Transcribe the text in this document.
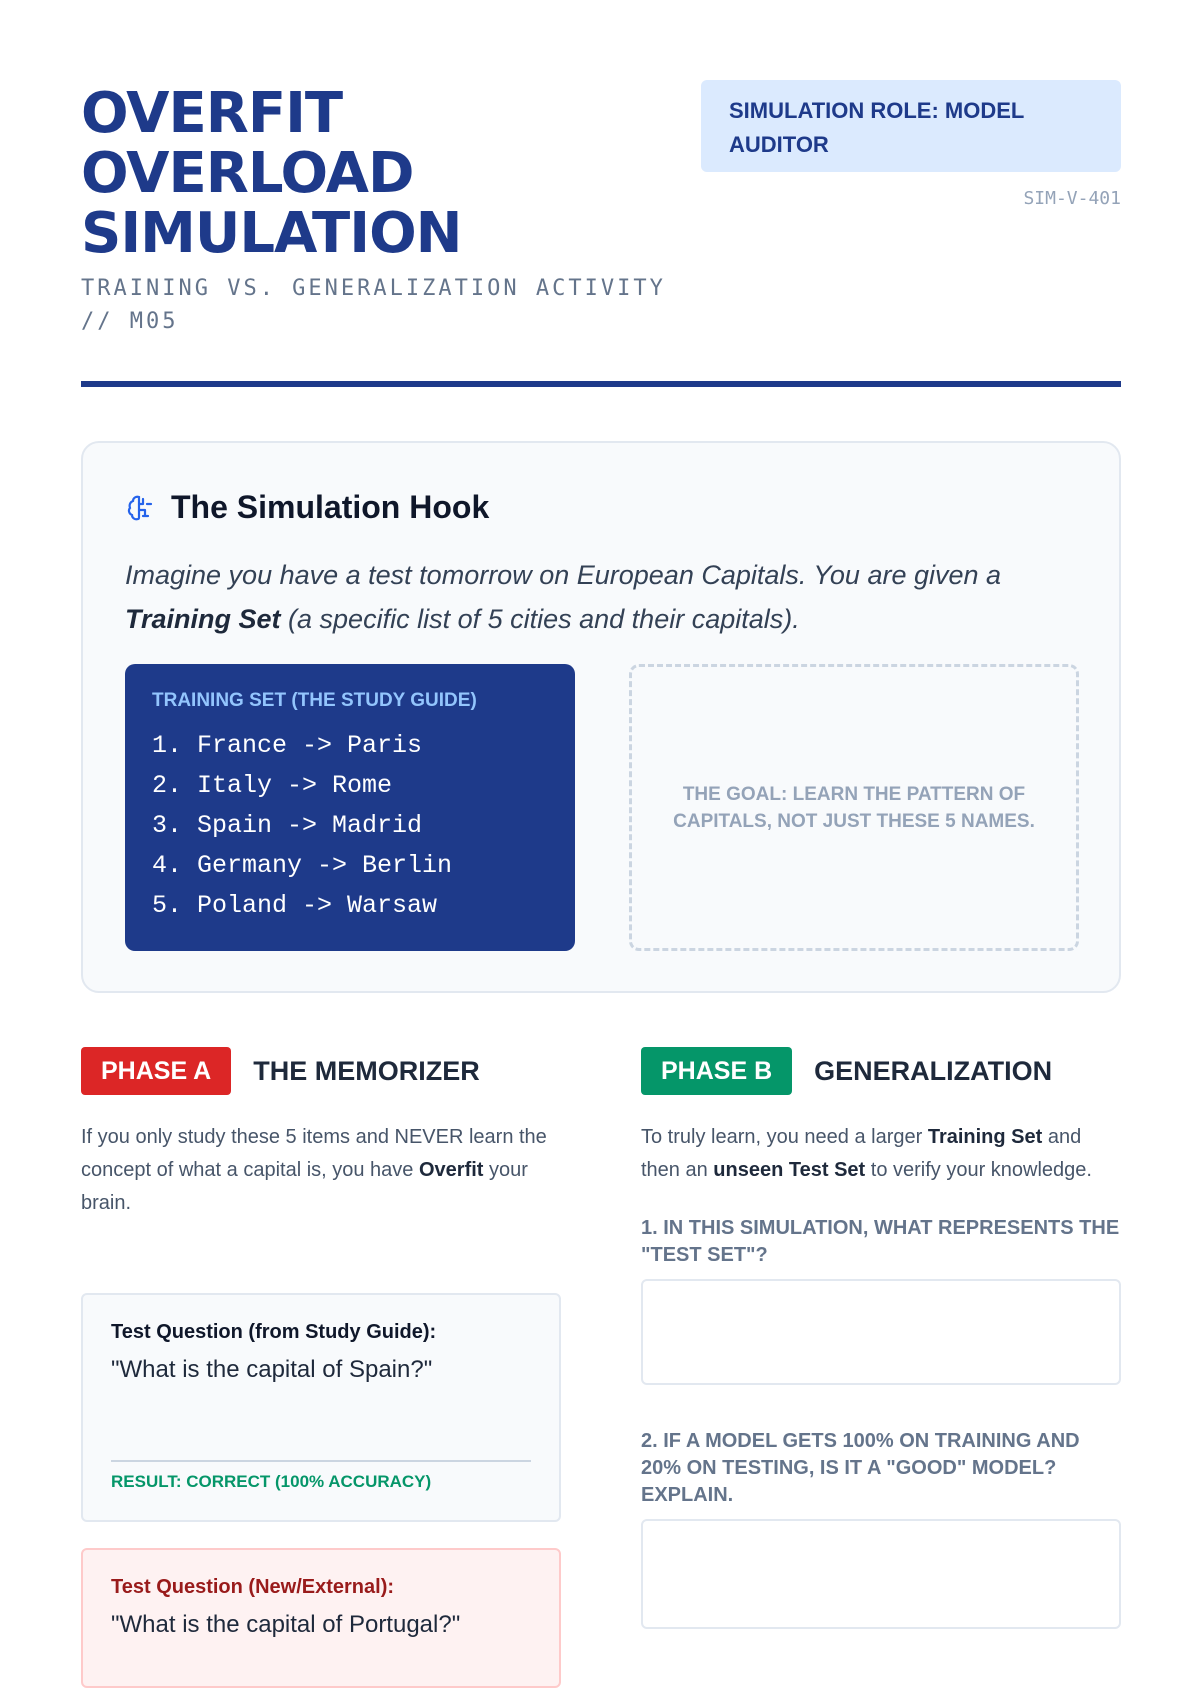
OVERFIT
OVERLOAD
SIMULATION
TRAINING VS. GENERALIZATION ACTIVITY // M05
SIMULATION ROLE: MODEL AUDITOR
SIM-V-401
The Simulation Hook

Imagine you have a test tomorrow on European Capitals. You are given a Training Set (a specific list of 5 cities and their capitals).

TRAINING SET (THE STUDY GUIDE)
1. France -> Paris
2. Italy -> Rome
3. Spain -> Madrid
4. Germany -> Berlin
5. Poland -> Warsaw
THE GOAL: LEARN THE PATTERN OF CAPITALS, NOT JUST THESE 5 NAMES.
PHASE A	THE MEMORIZER

If you only study these 5 items and NEVER learn the concept of what a capital is, you have Overfit your brain.

Test Question (from Study Guide):
"What is the capital of Spain?"
RESULT: CORRECT (100% ACCURACY)
Test Question (New/External):
"What is the capital of Portugal?"
PHASE B	GENERALIZATION

To truly learn, you need a larger Training Set and then an unseen Test Set to verify your knowledge.

1. IN THIS SIMULATION, WHAT REPRESENTS THE "TEST SET"?
2. IF A MODEL GETS 100% ON TRAINING AND 20% ON TESTING, IS IT A "GOOD" MODEL? EXPLAIN.
